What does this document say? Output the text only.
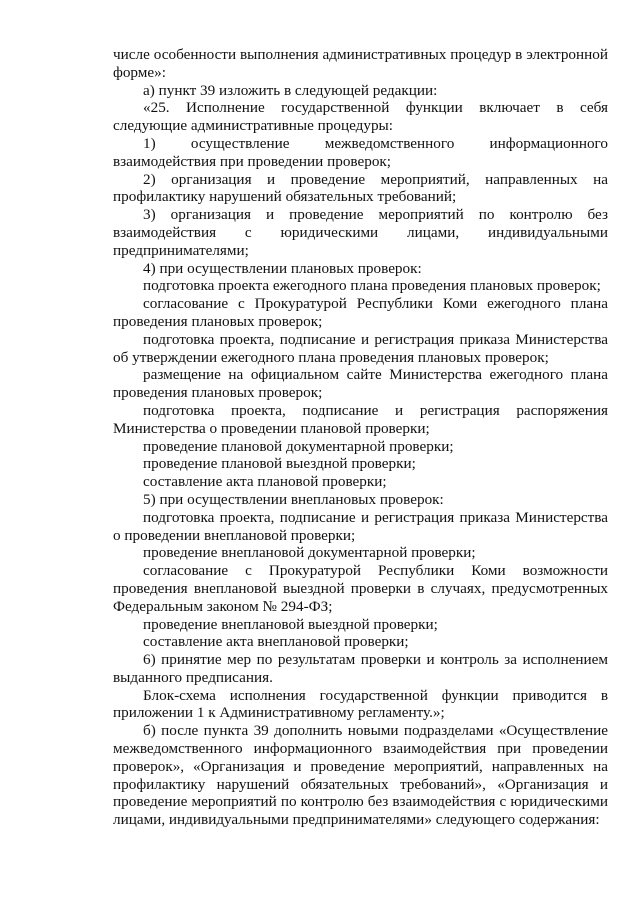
числе особенности выполнения административных процедур в электронной форме»:

а) пункт 39 изложить в следующей редакции:

«25. Исполнение государственной функции включает в себя следующие административные процедуры:

1) осуществление межведомственного информационного взаимодействия при проведении проверок;

2) организация и проведение мероприятий, направленных на профилактику нарушений обязательных требований;

3) организация и проведение мероприятий по контролю без взаимодействия с юридическими лицами, индивидуальными предпринимателями;

4) при осуществлении плановых проверок:

подготовка проекта ежегодного плана проведения плановых проверок;

согласование с Прокуратурой Республики Коми ежегодного плана проведения плановых проверок;

подготовка проекта, подписание и регистрация приказа Министерства об утверждении ежегодного плана проведения плановых проверок;

размещение на официальном сайте Министерства ежегодного плана проведения плановых проверок;

подготовка проекта, подписание и регистрация распоряжения Министерства о проведении плановой проверки;

проведение плановой документарной проверки;

проведение плановой выездной проверки;

составление акта плановой проверки;

5) при осуществлении внеплановых проверок:

подготовка проекта, подписание и регистрация приказа Министерства о проведении внеплановой проверки;

проведение внеплановой документарной проверки;

согласование с Прокуратурой Республики Коми возможности проведения внеплановой выездной проверки в случаях, предусмотренных Федеральным законом № 294-ФЗ;

проведение внеплановой выездной проверки;

составление акта внеплановой проверки;

6) принятие мер по результатам проверки и контроль за исполнением выданного предписания.

Блок-схема исполнения государственной функции приводится в приложении 1 к Административному регламенту.»;

б) после пункта 39 дополнить новыми подразделами «Осуществление межведомственного информационного взаимодействия при проведении проверок», «Организация и проведение мероприятий, направленных на профилактику нарушений обязательных требований», «Организация и проведение мероприятий по контролю без взаимодействия с юридическими лицами, индивидуальными предпринимателями» следующего содержания:
